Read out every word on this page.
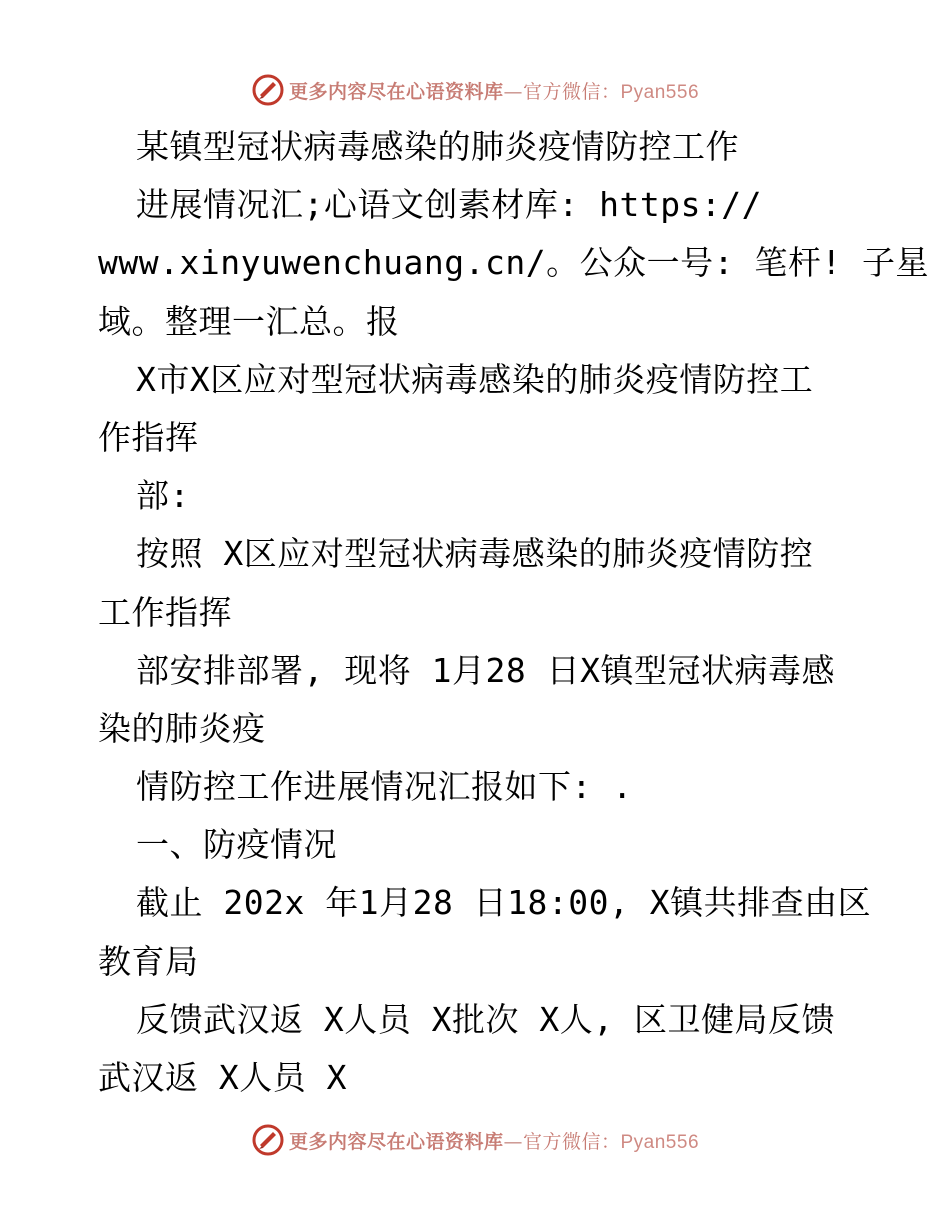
更多内容尽在心语资料库—官方微信：Pyan556
某镇型冠状病毒感染的肺炎疫情防控工作
进展情况汇;心语文创素材库: https://
www.xinyuwenchuang.cn/。公众一号: 笔杆! 子星
域。整理一汇总。报
X市X区应对型冠状病毒感染的肺炎疫情防控工
作指挥
部:
按照 X区应对型冠状病毒感染的肺炎疫情防控
工作指挥
部安排部署, 现将 1月28 日X镇型冠状病毒感
染的肺炎疫
情防控工作进展情况汇报如下: .
一、防疫情况
截止 202x 年1月28 日18:00, X镇共排查由区
教育局
反馈武汉返 X人员 X批次 X人, 区卫健局反馈
武汉返 X人员 X
更多内容尽在心语资料库—官方微信：Pyan556
